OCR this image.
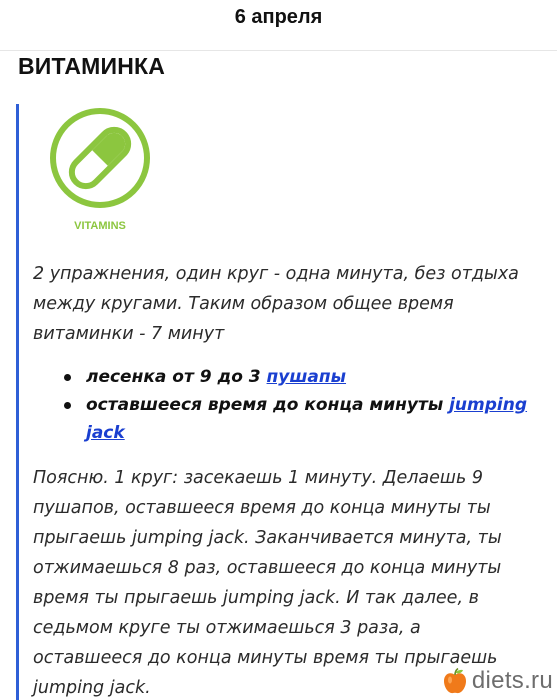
6 апреля
ВИТАМИНКА
VITAMINS
2 упражнения, один круг - одна минута, без отдыха между кругами. Таким образом общее время витаминки - 7 минут
лесенка от 9 до 3 пушапы
оставшееся время до конца минуты jumping jack
Поясню. 1 круг: засекаешь 1 минуту. Делаешь 9 пушапов, оставшееся время до конца минуты ты прыгаешь jumping jack. Заканчивается минута, ты отжимаешься 8 раз, оставшееся до конца минуты время ты прыгаешь jumping jack. И так далее, в седьмом круге ты отжимаешься 3 раза, а оставшееся до конца минуты время ты прыгаешь jumping jack.	diets.ru
